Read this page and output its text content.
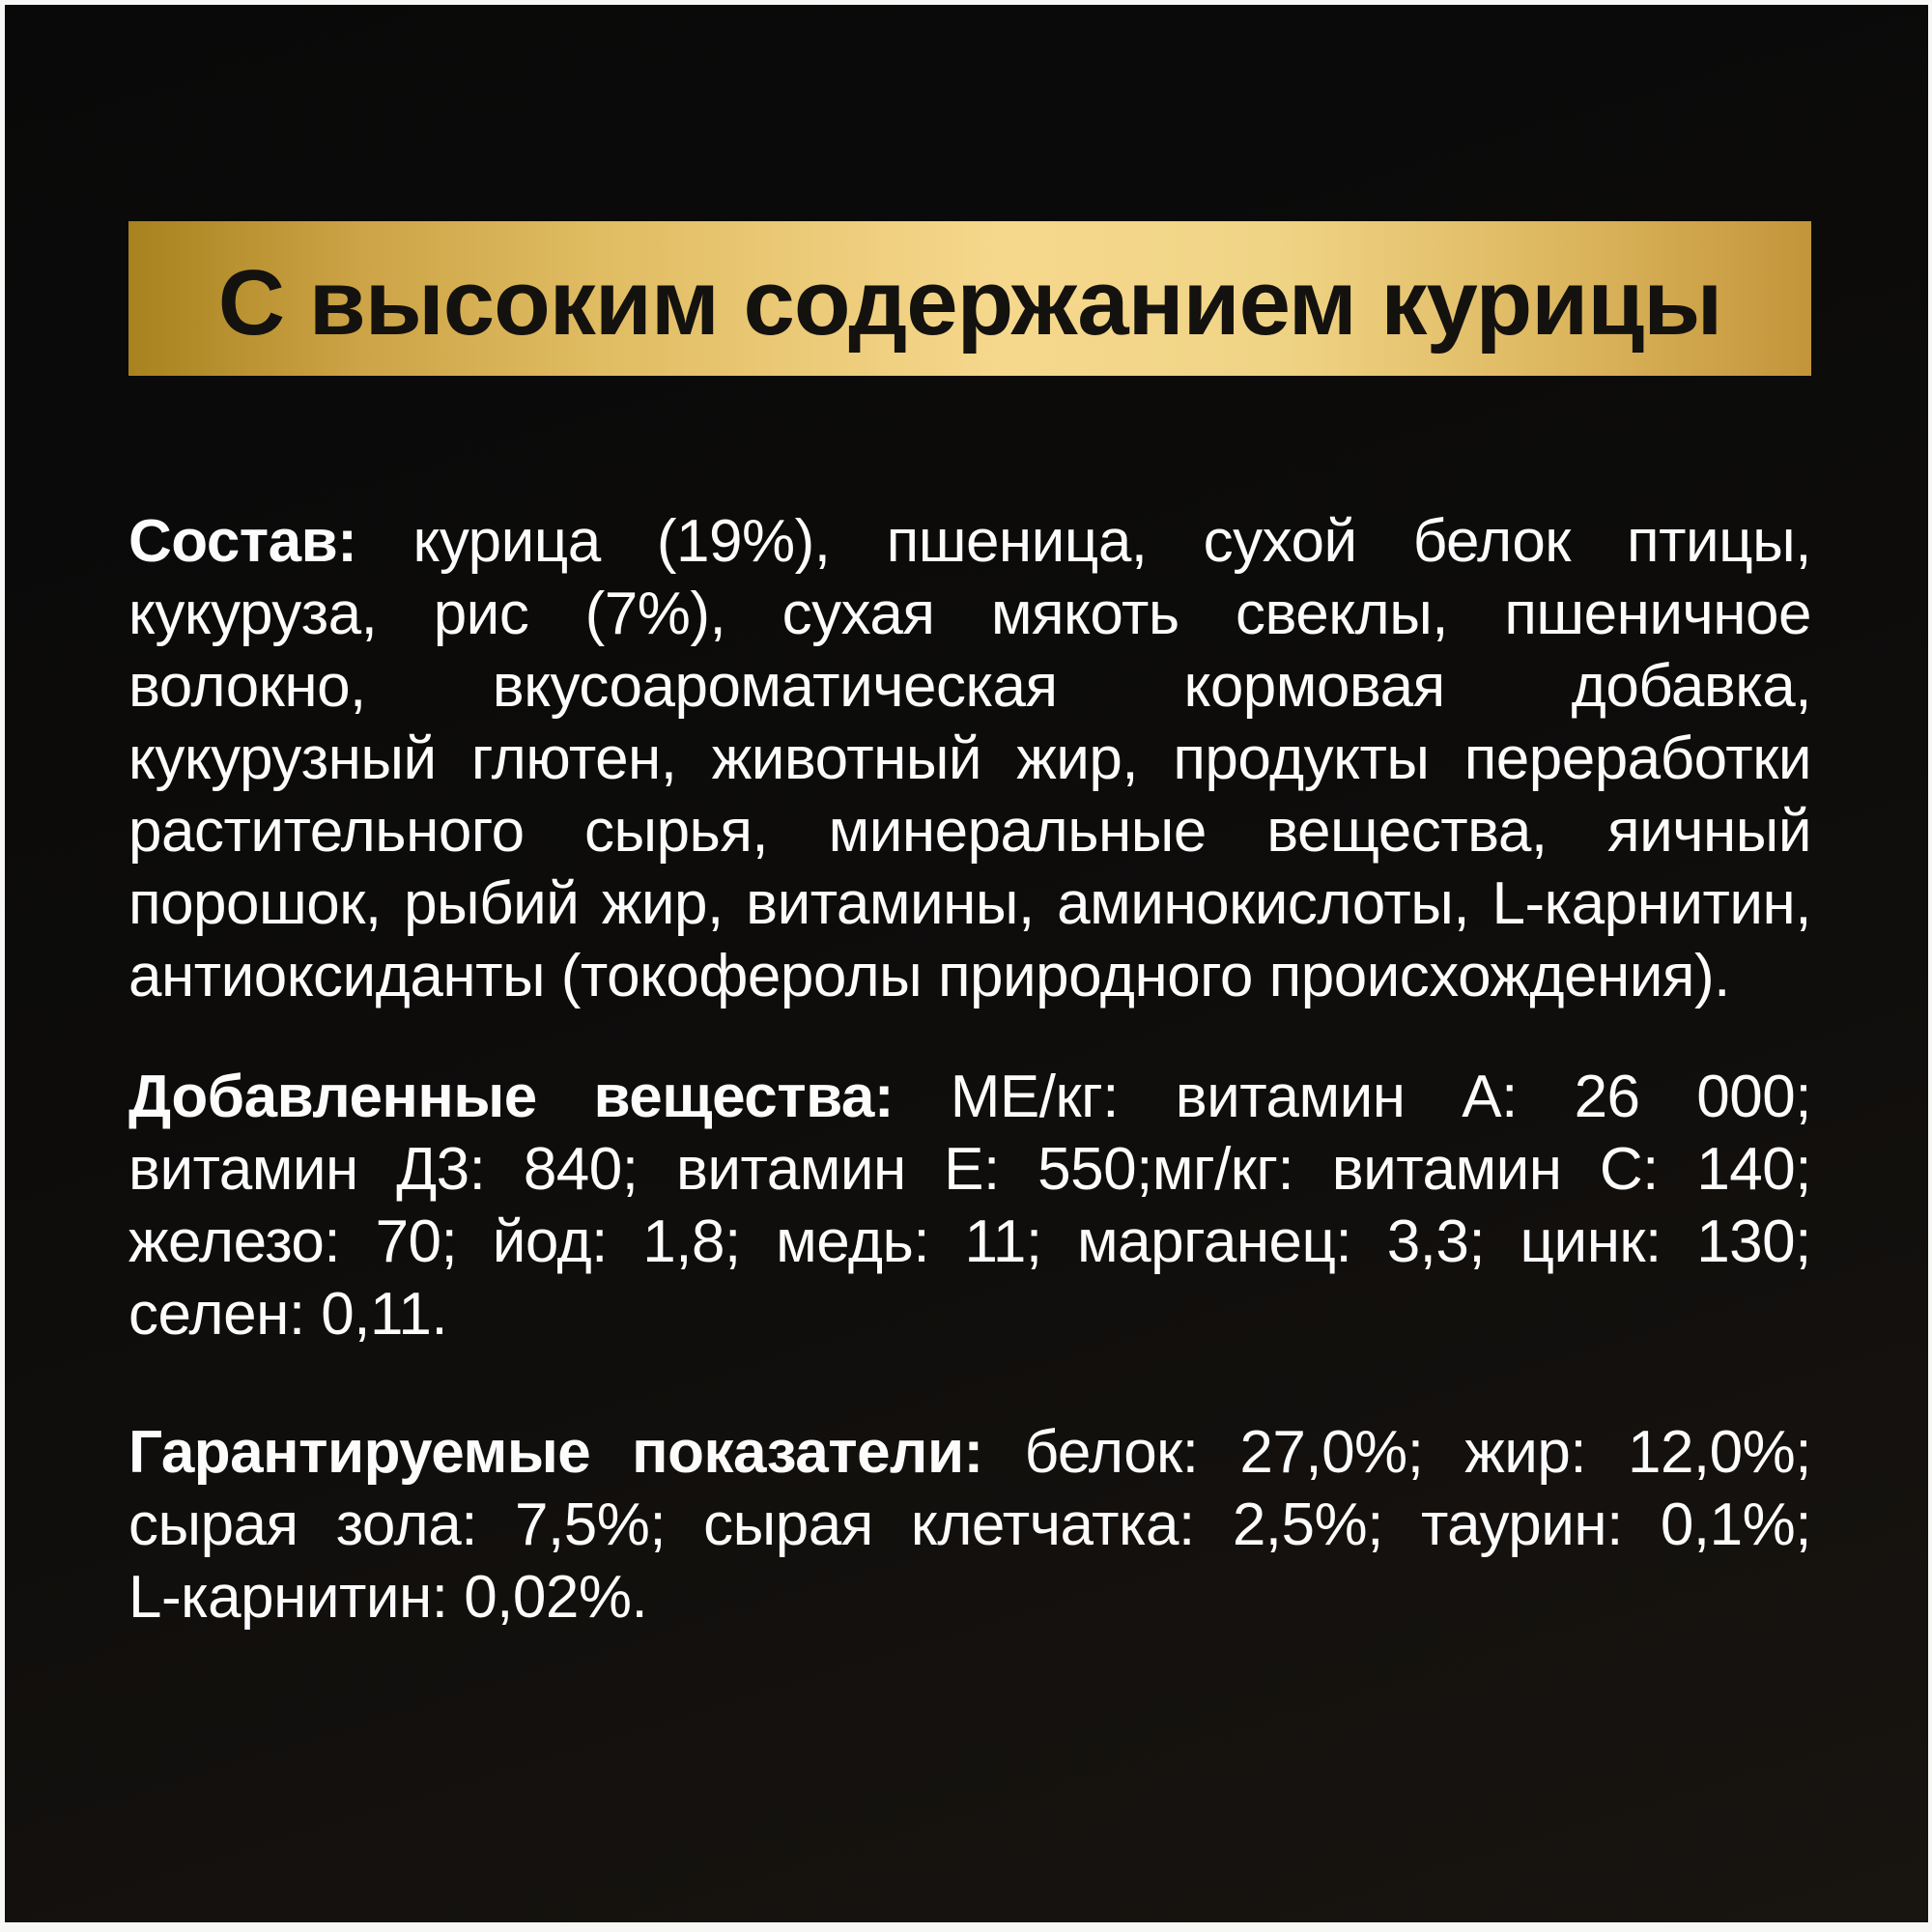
С высоким содержанием курицы
Состав: курица (19%), пшеница, сухой белок птицы,
кукуруза, рис (7%), сухая мякоть свеклы, пшеничное
волокно, вкусоароматическая кормовая добавка,
кукурузный глютен, животный жир, продукты переработки
растительного сырья, минеральные вещества, яичный
порошок, рыбий жир, витамины, аминокислоты, L-карнитин,
антиоксиданты (токоферолы природного происхождения).
Добавленные вещества: МЕ/кг: витамин А: 26 000;
витамин Д3: 840; витамин Е: 550;мг/кг: витамин С: 140;
железо: 70; йод: 1,8; медь: 11; марганец: 3,3; цинк: 130;
селен: 0,11.
Гарантируемые показатели: белок: 27,0%; жир: 12,0%;
сырая зола: 7,5%; сырая клетчатка: 2,5%; таурин: 0,1%;
L-карнитин: 0,02%.
